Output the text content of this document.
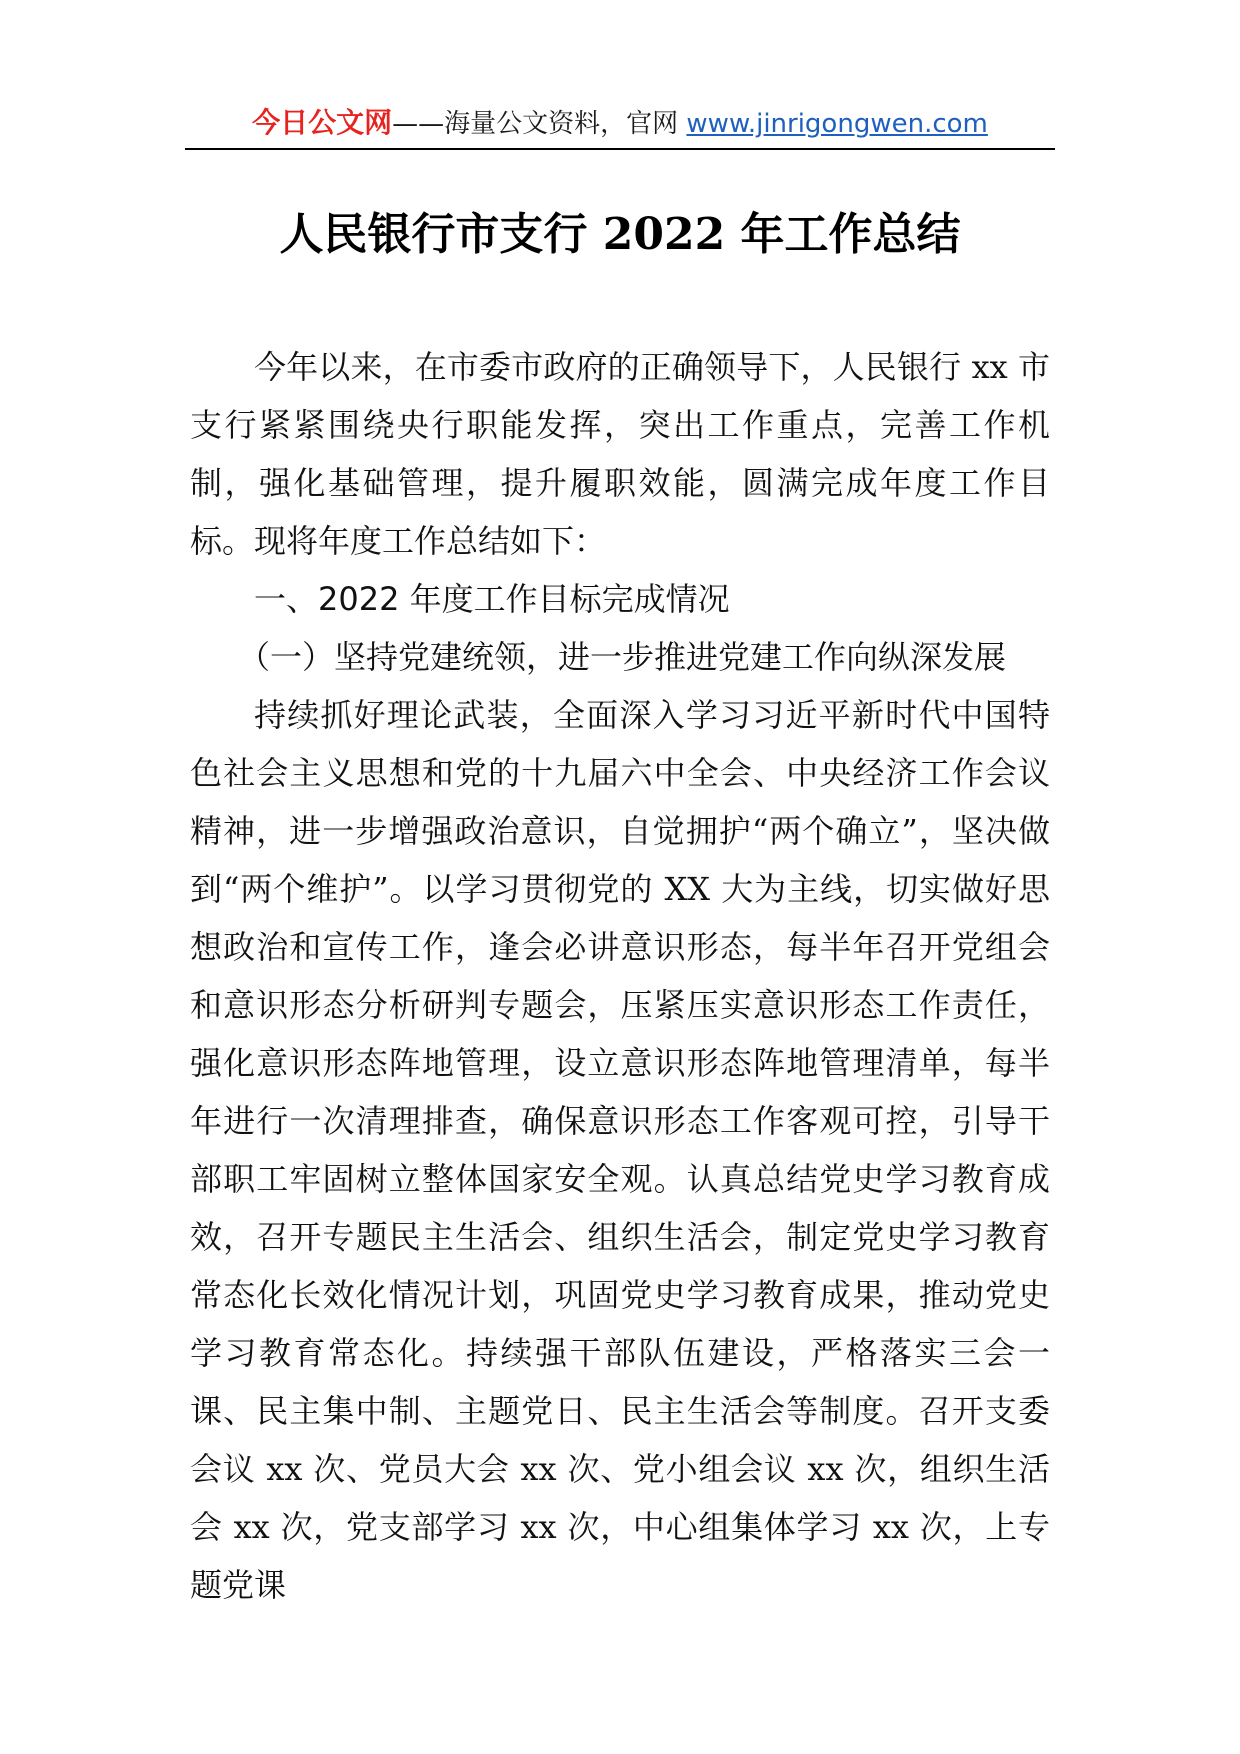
今日公文网——海量公文资料，官网 www.jinrigongwen.com
人民银行市支行 2022 年工作总结

今年以来，在市委市政府的正确领导下，人民银行 xx 市支行紧紧围绕央行职能发挥，突出工作重点，完善工作机制，强化基础管理，提升履职效能，圆满完成年度工作目标。现将年度工作总结如下：

一、2022 年度工作目标完成情况

（一）坚持党建统领，进一步推进党建工作向纵深发展

持续抓好理论武装，全面深入学习习近平新时代中国特色社会主义思想和党的十九届六中全会、中央经济工作会议精神，进一步增强政治意识，自觉拥护“两个确立”，坚决做到“两个维护”。以学习贯彻党的 XX 大为主线，切实做好思想政治和宣传工作，逢会必讲意识形态，每半年召开党组会和意识形态分析研判专题会，压紧压实意识形态工作责任，强化意识形态阵地管理，设立意识形态阵地管理清单，每半年进行一次清理排查，确保意识形态工作客观可控，引导干部职工牢固树立整体国家安全观。认真总结党史学习教育成效，召开专题民主生活会、组织生活会，制定党史学习教育常态化长效化情况计划，巩固党史学习教育成果，推动党史学习教育常态化。持续强干部队伍建设，严格落实三会一课、民主集中制、主题党日、民主生活会等制度。召开支委会议 xx 次、党员大会 xx 次、党小组会议 xx 次，组织生活会 xx 次，党支部学习 xx 次，中心组集体学习 xx 次，上专题党课
